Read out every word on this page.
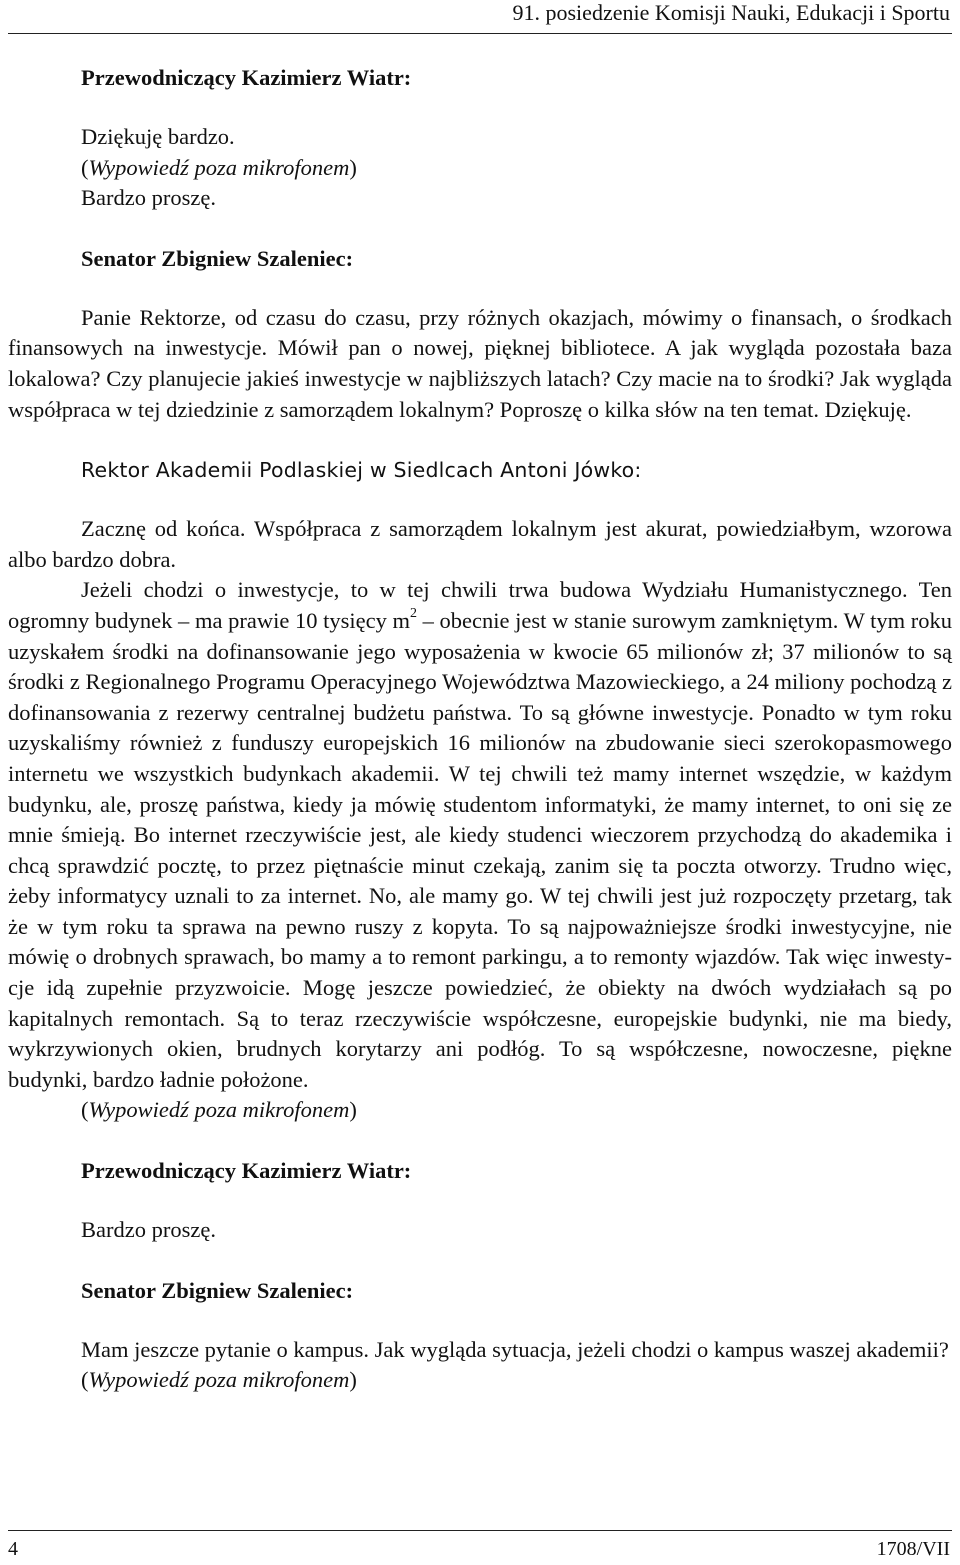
91. posiedzenie Komisji Nauki, Edukacji i Sportu

Przewodniczący Kazimierz Wiatr:

Dziękuję bardzo.

(Wypowiedź poza mikrofonem)

Bardzo proszę.

Senator Zbigniew Szaleniec:

Panie Rektorze, od czasu do czasu, przy różnych okazjach, mówimy o finansach, o środkach finansowych na inwestycje. Mówił pan o nowej, pięknej bibliotece. A jak wygląda pozostała baza lokalowa? Czy planujecie jakieś inwestycje w najbliższych latach? Czy macie na to środki? Jak wygląda współpraca w tej dziedzinie z samorządem lokalnym? Poproszę o kilka słów na ten temat. Dziękuję.

Rektor Akademii Podlaskiej w Siedlcach Antoni Jówko:

Zacznę od końca. Współpraca z samorządem lokalnym jest akurat, powiedziałbym, wzorowa albo bardzo dobra.

Jeżeli chodzi o inwestycje, to w tej chwili trwa budowa Wydziału Humanistycznego. Ten ogromny budynek – ma prawie 10 tysięcy $m^2$ – obecnie jest w stanie surowym zamkniętym. W tym roku uzyskałem środki na dofinansowanie jego wyposażenia w kwocie 65 milionów zł; 37 milionów to są środki z Regionalnego Programu Operacyjnego Województwa Mazowieckiego, a 24 miliony pochodzą z dofinansowania z rezerwy centralnej budżetu państwa. To są główne inwestycje. Ponadto w tym roku uzyskaliśmy również z funduszy europejskich 16 milionów na zbudowanie sieci szerokopasmowego internetu we wszystkich budynkach akademii. W tej chwili też mamy internet wszędzie, w każdym budynku, ale, proszę państwa, kiedy ja mówię studentom informatyki, że mamy internet, to oni się ze mnie śmieją. Bo internet rzeczywiście jest, ale kiedy studenci wieczorem przychodzą do akademika i chcą sprawdzić pocztę, to przez piętnaście minut czekają, zanim się ta poczta otworzy. Trudno więc, żeby informatycy uznali to za internet. No, ale mamy go. W tej chwili jest już rozpoczęty przetarg, tak że w tym roku ta sprawa na pewno ruszy z kopyta. To są najpoważniejsze środki inwestycyjne, nie mówię o drobnych sprawach, bo mamy a to remont parkingu, a to remonty wjazdów. Tak więc inwestycje idą zupełnie przyzwoicie. Mogę jeszcze powiedzieć, że obiekty na dwóch wydziałach są po kapitalnych remontach. Są to teraz rzeczywiście współczesne, europejskie budynki, nie ma biedy, wykrzywionych okien, brudnych korytarzy ani podłóg. To są współczesne, nowoczesne, piękne budynki, bardzo ładnie położone.

(Wypowiedź poza mikrofonem)

Przewodniczący Kazimierz Wiatr:

Bardzo proszę.

Senator Zbigniew Szaleniec:

Mam jeszcze pytanie o kampus. Jak wygląda sytuacja, jeżeli chodzi o kampus waszej akademii?

(Wypowiedź poza mikrofonem)

4	1708/VII
